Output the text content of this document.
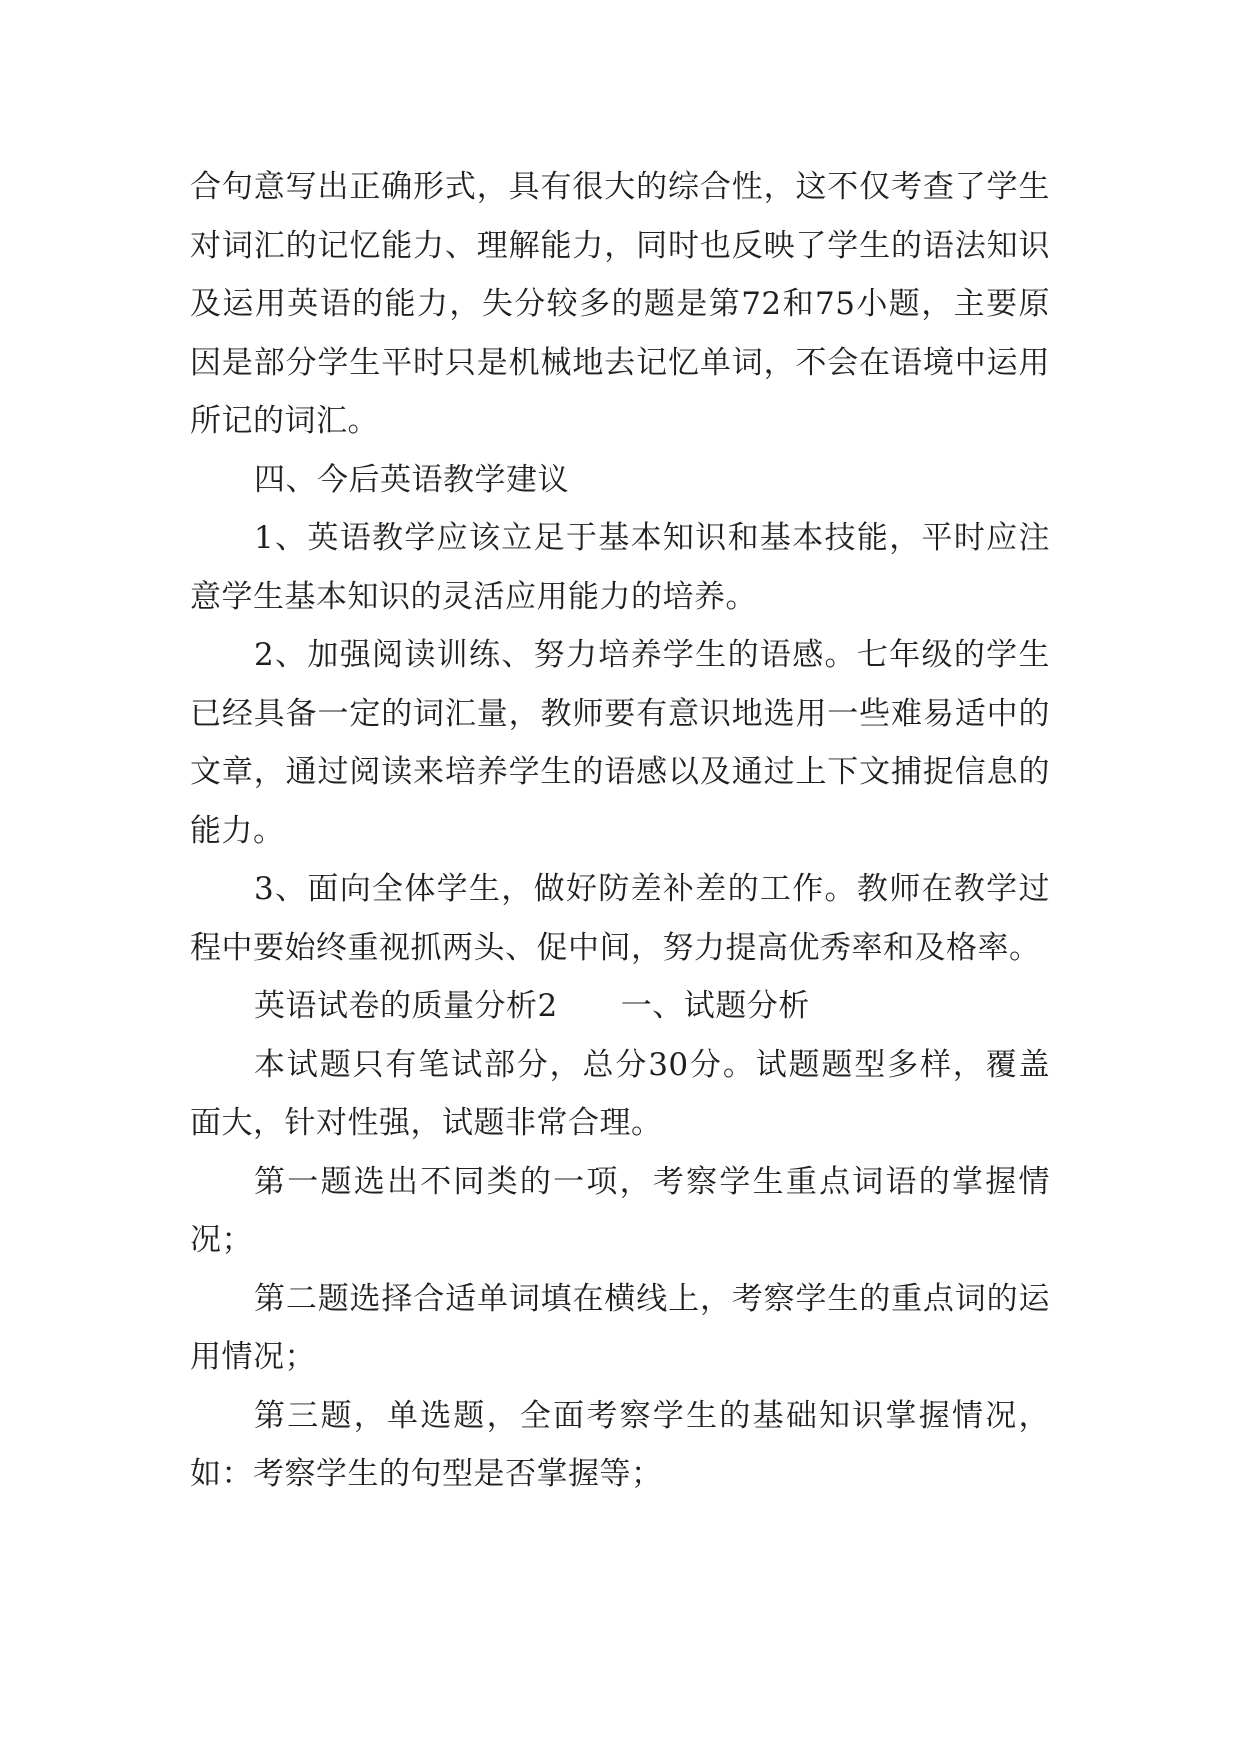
合句意写出正确形式，具有很大的综合性，这不仅考查了学生对词汇的记忆能力、理解能力，同时也反映了学生的语法知识及运用英语的能力，失分较多的题是第72和75小题，主要原因是部分学生平时只是机械地去记忆单词，不会在语境中运用所记的词汇。

四、今后英语教学建议

1、英语教学应该立足于基本知识和基本技能，平时应注意学生基本知识的灵活应用能力的培养。

2、加强阅读训练、努力培养学生的语感。七年级的学生已经具备一定的词汇量，教师要有意识地选用一些难易适中的文章，通过阅读来培养学生的语感以及通过上下文捕捉信息的能力。

3、面向全体学生，做好防差补差的工作。教师在教学过程中要始终重视抓两头、促中间，努力提高优秀率和及格率。

英语试卷的质量分析2　　一、试题分析

本试题只有笔试部分，总分30分。试题题型多样，覆盖面大，针对性强，试题非常合理。

第一题选出不同类的一项，考察学生重点词语的掌握情况；

第二题选择合适单词填在横线上，考察学生的重点词的运用情况；

第三题，单选题，全面考察学生的基础知识掌握情况，如：考察学生的句型是否掌握等；
